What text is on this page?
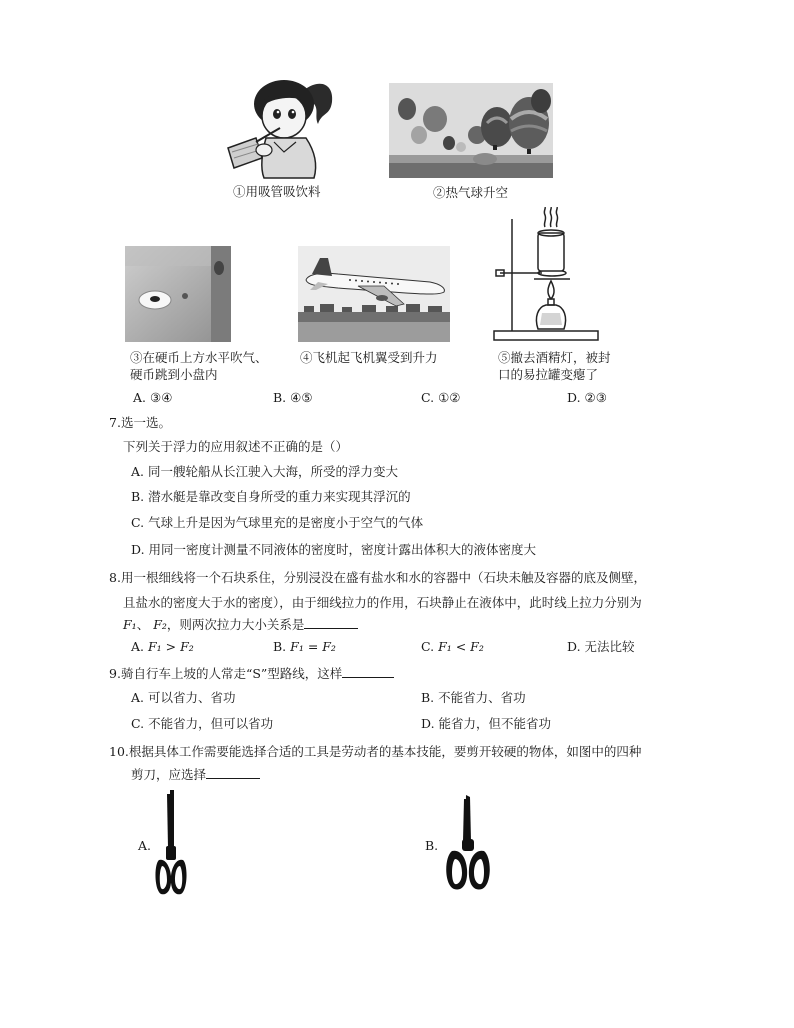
①用吸管吸饮料	②热气球升空
③在硬币上方水平吹气、
硬币跳到小盘内
④飞机起飞机翼受到升力	⑤撤去酒精灯，被封
口的易拉罐变瘪了
A. ③④	B. ④⑤	C. ①②	D. ②③
7.选一选。
下列关于浮力的应用叙述不正确的是（）
A. 同一艘轮船从长江驶入大海，所受的浮力变大
B. 潜水艇是靠改变自身所受的重力来实现其浮沉的
C. 气球上升是因为气球里充的是密度小于空气的气体
D. 用同一密度计测量不同液体的密度时，密度计露出体积大的液体密度大
8.用一根细线将一个石块系住，分别浸没在盛有盐水和水的容器中（石块未触及容器的底及侧壁，
且盐水的密度大于水的密度），由于细线拉力的作用，石块静止在液体中，此时线上拉力分别为
F₁、 F₂，则两次拉力大小关系是
A. F₁ > F₂	B. F₁ = F₂	C. F₁ < F₂	D. 无法比较
9.骑自行车上坡的人常走“S”型路线，这样
A. 可以省力、省功	B. 不能省力、省功
C. 不能省力，但可以省功	D. 能省力，但不能省功
10.根据具体工作需要能选择合适的工具是劳动者的基本技能，要剪开较硬的物体，如图中的四种
剪刀，应选择
A.	B.
